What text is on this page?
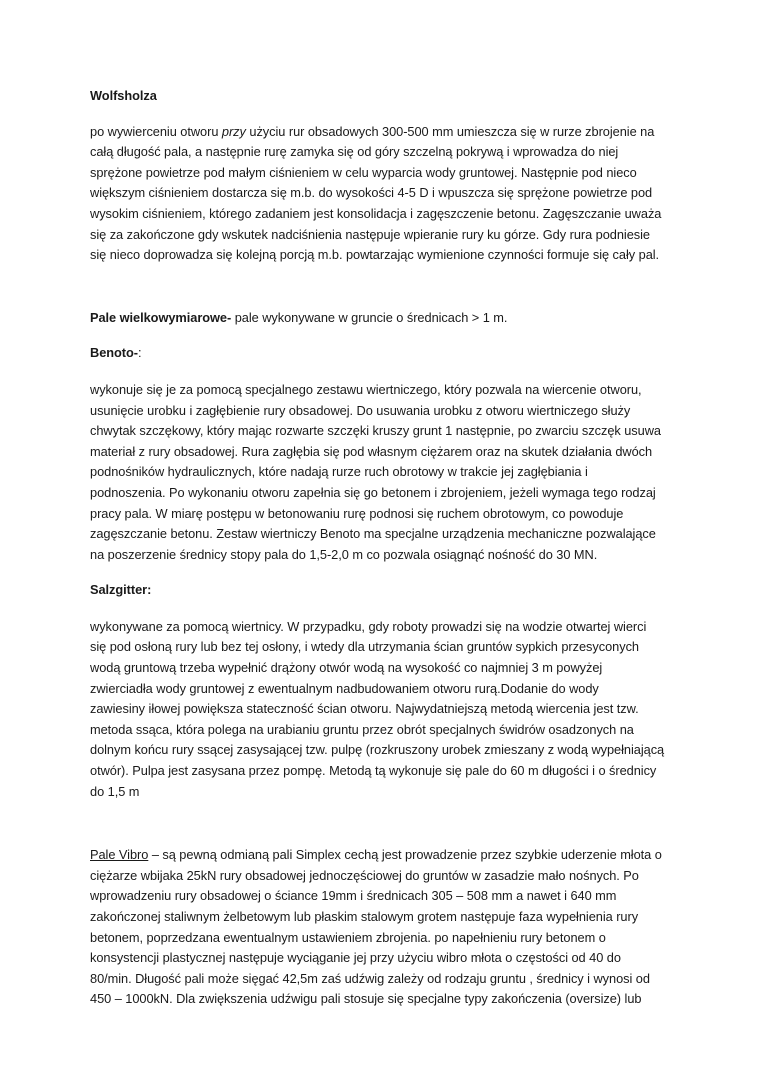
Wolfsholza
po wywierceniu otworu przy użyciu rur obsadowych 300-500 mm umieszcza się w rurze zbrojenie na
całą długość pala, a następnie rurę zamyka się od góry szczelną pokrywą i wprowadza do niej
sprężone powietrze pod małym ciśnieniem w celu wyparcia wody gruntowej. Następnie pod nieco
większym ciśnieniem dostarcza się m.b. do wysokości 4-5 D i wpuszcza się sprężone powietrze pod
wysokim ciśnieniem, którego zadaniem jest konsolidacja i zagęszczenie betonu. Zagęszczanie uważa
się za zakończone gdy wskutek nadciśnienia następuje wpieranie rury ku górze. Gdy rura podniesie
się nieco doprowadza się kolejną porcją m.b. powtarzając wymienione czynności formuje się cały pal.
Pale wielkowymiarowe- pale wykonywane w gruncie o średnicach > 1 m.
Benoto-:
wykonuje się je za pomocą specjalnego zestawu wiertniczego, który pozwala na wiercenie otworu,
usunięcie urobku i zagłębienie rury obsadowej. Do usuwania urobku z otworu wiertniczego służy
chwytak szczękowy, który mając rozwarte szczęki kruszy grunt 1 następnie, po zwarciu szczęk usuwa
materiał z rury obsadowej. Rura zagłębia się pod własnym ciężarem oraz na skutek działania dwóch
podnośników hydraulicznych, które nadają rurze ruch obrotowy w trakcie jej zagłębiania i
podnoszenia. Po wykonaniu otworu zapełnia się go betonem i zbrojeniem, jeżeli wymaga tego rodzaj
pracy pala. W miarę postępu w betonowaniu rurę podnosi się ruchem obrotowym, co powoduje
zagęszczanie betonu. Zestaw wiertniczy Benoto ma specjalne urządzenia mechaniczne pozwalające
na poszerzenie średnicy stopy pala do 1,5-2,0 m co pozwala osiągnąć nośność do 30 MN.
Salzgitter:
wykonywane za pomocą wiertnicy. W przypadku, gdy roboty prowadzi się na wodzie otwartej wierci
się pod osłoną rury lub bez tej osłony, i wtedy dla utrzymania ścian gruntów sypkich przesyconych
wodą gruntową trzeba wypełnić drążony otwór wodą na wysokość co najmniej 3 m powyżej
zwierciadła wody gruntowej z ewentualnym nadbudowaniem otworu rurą.Dodanie do wody
zawiesiny iłowej powiększa stateczność ścian otworu. Najwydatniejszą metodą wiercenia jest tzw.
metoda ssąca, która polega na urabianiu gruntu przez obrót specjalnych świdrów osadzonych na
dolnym końcu rury ssącej zasysającej tzw. pulpę (rozkruszony urobek zmieszany z wodą wypełniającą
otwór). Pulpa jest zasysana przez pompę. Metodą tą wykonuje się pale do 60 m długości i o średnicy
do 1,5 m
Pale Vibro – są pewną odmianą pali Simplex cechą jest prowadzenie przez szybkie uderzenie młota o
ciężarze wbijaka 25kN rury obsadowej jednoczęściowej do gruntów w zasadzie mało nośnych. Po
wprowadzeniu rury obsadowej o ściance 19mm i średnicach 305 – 508 mm a nawet i 640 mm
zakończonej staliwnym żelbetowym lub płaskim stalowym grotem następuje faza wypełnienia rury
betonem, poprzedzana ewentualnym ustawieniem zbrojenia. po napełnieniu rury betonem o
konsystencji plastycznej następuje wyciąganie jej przy użyciu wibro młota o częstości od 40 do
80/min. Długość pali może sięgać 42,5m zaś udźwig zależy od rodzaju gruntu , średnicy i wynosi od
450 – 1000kN. Dla zwiększenia udźwigu pali stosuje się specjalne typy zakończenia (oversize) lub
